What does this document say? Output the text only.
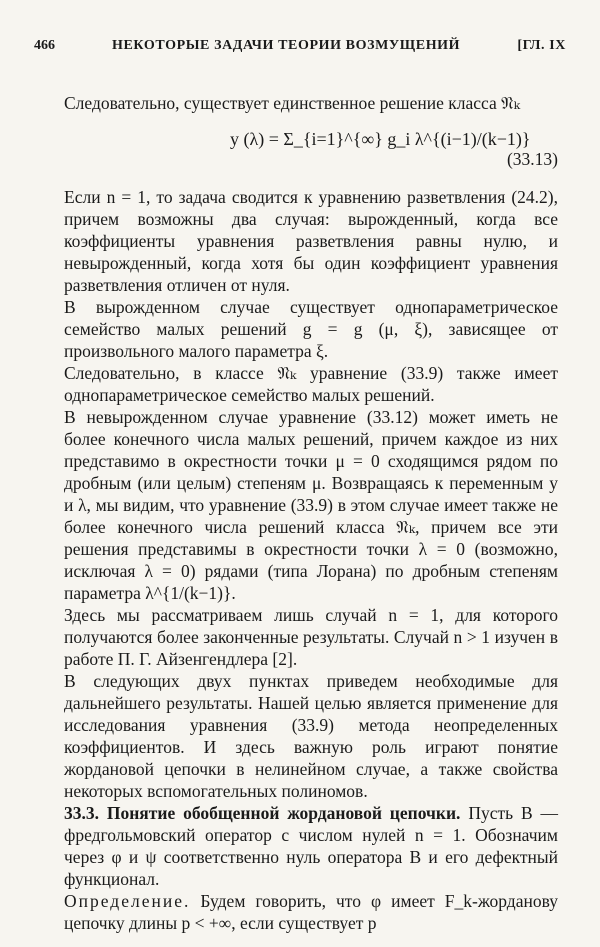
466	НЕКОТОРЫЕ ЗАДАЧИ ТЕОРИИ ВОЗМУЩЕНИЙ	[ГЛ. IX

Следовательно, существует единственное решение класса 𝔑ₖ

y (λ) = Σ_{i=1}^{∞} g_i λ^{(i−1)/(k−1)}
(33.13)

Если n = 1, то задача сводится к уравнению разветвления (24.2), причем возможны два случая: вырожденный, когда все коэффициенты уравнения разветвления равны нулю, и невырожденный, когда хотя бы один коэффициент уравнения разветвления отличен от нуля.

В вырожденном случае существует однопараметрическое семейство малых решений g = g (μ, ξ), зависящее от произвольного малого параметра ξ.

Следовательно, в классе 𝔑ₖ уравнение (33.9) также имеет однопараметрическое семейство малых решений.

В невырожденном случае уравнение (33.12) может иметь не более конечного числа малых решений, причем каждое из них представимо в окрестности точки μ = 0 сходящимся рядом по дробным (или целым) степеням μ. Возвращаясь к переменным y и λ, мы видим, что уравнение (33.9) в этом случае имеет также не более конечного числа решений класса 𝔑ₖ, причем все эти решения представимы в окрестности точки λ = 0 (возможно, исключая λ = 0) рядами (типа Лорана) по дробным степеням параметра λ^{1/(k−1)}.

Здесь мы рассматриваем лишь случай n = 1, для которого получаются более законченные результаты. Случай n > 1 изучен в работе П. Г. Айзенгендлера [2].

В следующих двух пунктах приведем необходимые для дальнейшего результаты. Нашей целью является применение для исследования уравнения (33.9) метода неопределенных коэффициентов. И здесь важную роль играют понятие жордановой цепочки в нелинейном случае, а также свойства некоторых вспомогательных полиномов.

33.3. Понятие обобщенной жордановой цепочки. Пусть B — фредгольмовский оператор с числом нулей n = 1. Обозначим через φ и ψ соответственно нуль оператора B и его дефектный функционал.

Определение. Будем говорить, что φ имеет F_k-жорданову цепочку длины p < +∞, если существует p
